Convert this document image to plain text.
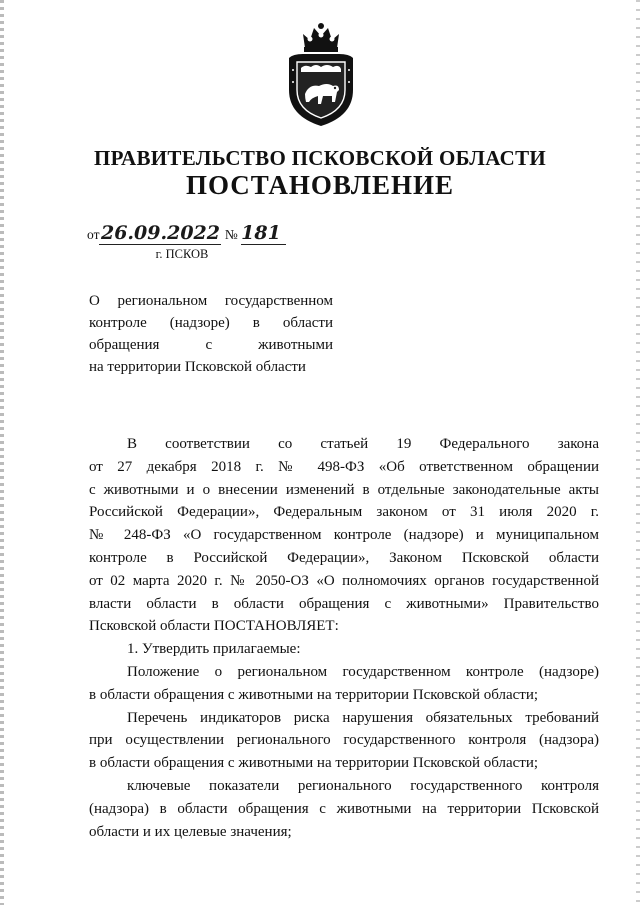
ПРАВИТЕЛЬСТВО ПСКОВСКОЙ ОБЛАСТИ
ПОСТАНОВЛЕНИЕ
от26.09.2022 № 181
г. ПСКОВ
О региональном государственном
контроле (надзоре) в области
обращения с животными
на территории Псковской области
В соответствии со статьей 19 Федерального закона
от 27 декабря 2018 г. № 498-ФЗ «Об ответственном обращении
с животными и о внесении изменений в отдельные законодательные акты
Российской Федерации», Федеральным законом от 31 июля 2020 г.
№ 248-ФЗ «О государственном контроле (надзоре) и муниципальном
контроле в Российской Федерации», Законом Псковской области
от 02 марта 2020 г. № 2050-ОЗ «О полномочиях органов государственной
власти области в области обращения с животными» Правительство
Псковской области ПОСТАНОВЛЯЕТ:
1. Утвердить прилагаемые:
Положение о региональном государственном контроле (надзоре)
в области обращения с животными на территории Псковской области;
Перечень индикаторов риска нарушения обязательных требований
при осуществлении регионального государственного контроля (надзора)
в области обращения с животными на территории Псковской области;
ключевые показатели регионального государственного контроля
(надзора) в области обращения с животными на территории Псковской
области и их целевые значения;
